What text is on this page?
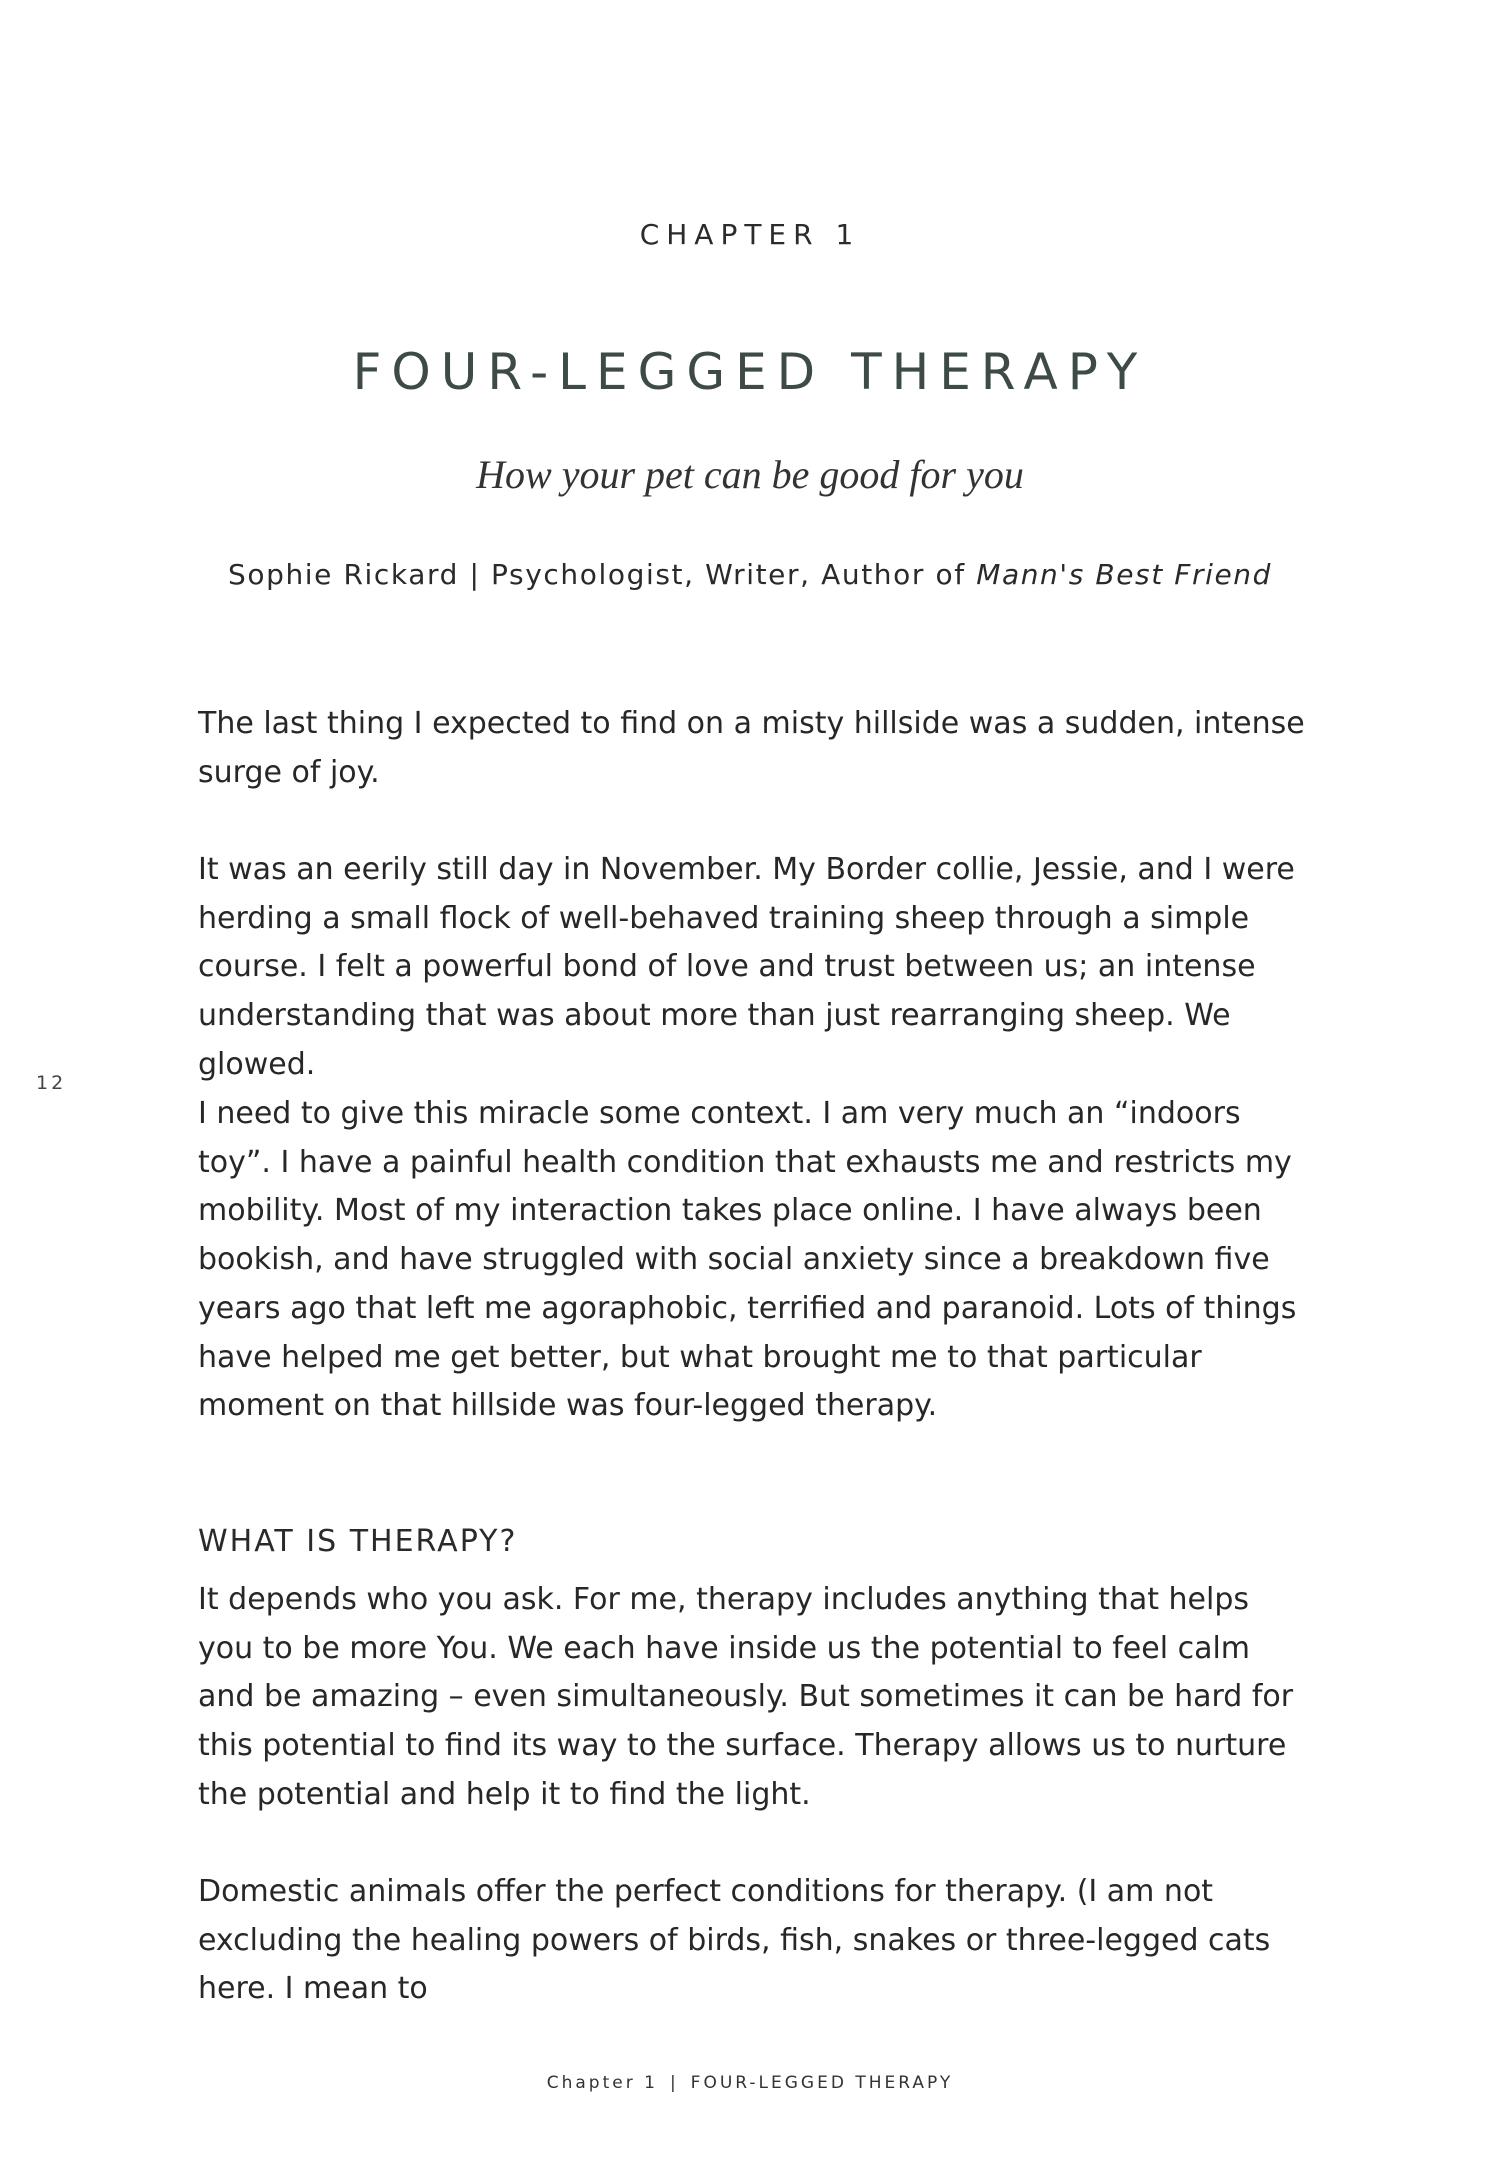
CHAPTER 1
FOUR-LEGGED THERAPY
How your pet can be good for you
Sophie Rickard | Psychologist, Writer, Author of Mann's Best Friend

The last thing I expected to find on a misty hillside was a sudden, intense surge of joy.

It was an eerily still day in November. My Border collie, Jessie, and I were herding a small flock of well-behaved training sheep through a simple course. I felt a powerful bond of love and trust between us; an intense understanding that was about more than just rearranging sheep. We glowed.

I need to give this miracle some context. I am very much an “indoors toy”. I have a painful health condition that exhausts me and restricts my mobility. Most of my interaction takes place online. I have always been bookish, and have struggled with social anxiety since a breakdown five years ago that left me agoraphobic, terrified and paranoid. Lots of things have helped me get better, but what brought me to that particular moment on that hillside was four-legged therapy.

WHAT IS THERAPY?

It depends who you ask. For me, therapy includes anything that helps you to be more You. We each have inside us the potential to feel calm and be amazing – even simultaneously. But sometimes it can be hard for this potential to find its way to the surface. Therapy allows us to nurture the potential and help it to find the light.

Domestic animals offer the perfect conditions for therapy. (I am not excluding the healing powers of birds, fish, snakes or three-legged cats here. I mean to

12
Chapter 1 | FOUR-LEGGED THERAPY
